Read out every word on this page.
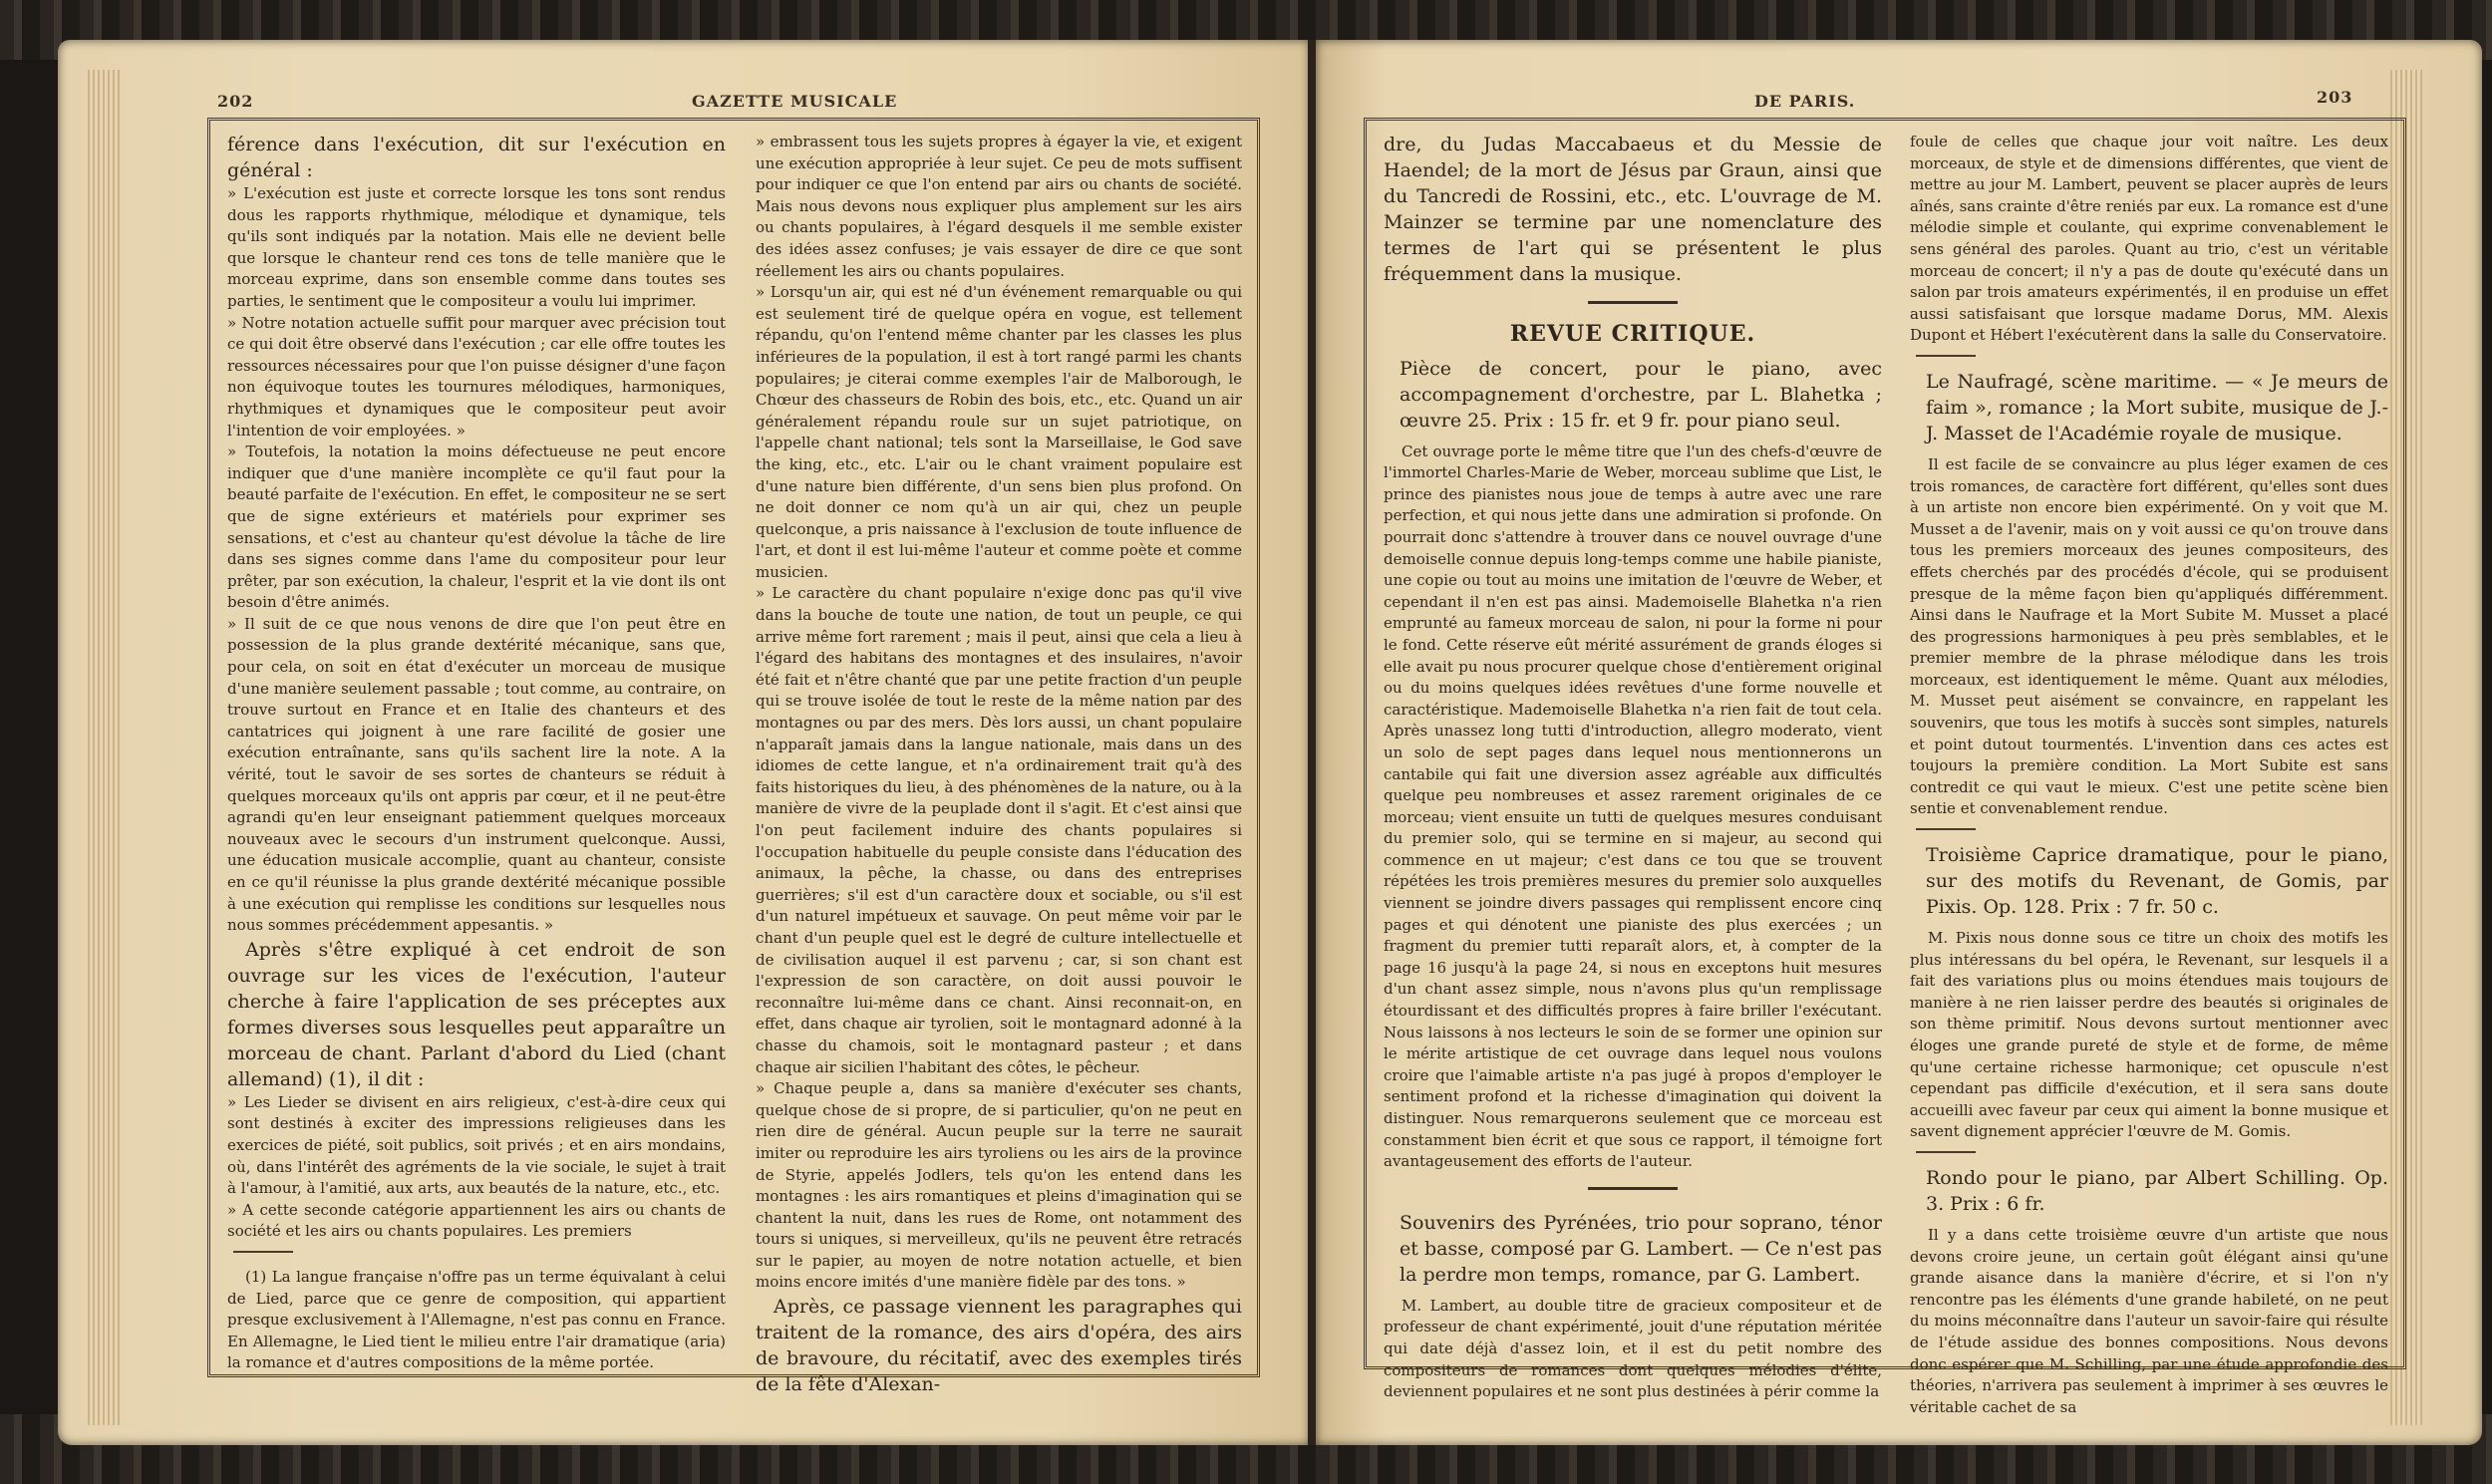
202	GAZETTE MUSICALE

férence dans l'exécution, dit sur l'exécution en général :

» L'exécution est juste et correcte lorsque les tons sont rendus dous les rapports rhythmique, mélodique et dynamique, tels qu'ils sont indiqués par la notation. Mais elle ne devient belle que lorsque le chanteur rend ces tons de telle manière que le morceau exprime, dans son ensemble comme dans toutes ses parties, le sentiment que le compositeur a voulu lui imprimer.

» Notre notation actuelle suffit pour marquer avec précision tout ce qui doit être observé dans l'exécution ; car elle offre toutes les ressources nécessaires pour que l'on puisse désigner d'une façon non équivoque toutes les tournures mélodiques, harmoniques, rhythmiques et dynamiques que le compositeur peut avoir l'intention de voir employées. »

» Toutefois, la notation la moins défectueuse ne peut encore indiquer que d'une manière incomplète ce qu'il faut pour la beauté parfaite de l'exécution. En effet, le compositeur ne se sert que de signe extérieurs et matériels pour exprimer ses sensations, et c'est au chanteur qu'est dévolue la tâche de lire dans ses signes comme dans l'ame du compositeur pour leur prêter, par son exécution, la chaleur, l'esprit et la vie dont ils ont besoin d'être animés.

» Il suit de ce que nous venons de dire que l'on peut être en possession de la plus grande dextérité mécanique, sans que, pour cela, on soit en état d'exécuter un morceau de musique d'une manière seulement passable ; tout comme, au contraire, on trouve surtout en France et en Italie des chanteurs et des cantatrices qui joignent à une rare facilité de gosier une exécution entraînante, sans qu'ils sachent lire la note. A la vérité, tout le savoir de ses sortes de chanteurs se réduit à quelques morceaux qu'ils ont appris par cœur, et il ne peut-être agrandi qu'en leur enseignant patiemment quelques morceaux nouveaux avec le secours d'un instrument quelconque. Aussi, une éducation musicale accomplie, quant au chanteur, consiste en ce qu'il réunisse la plus grande dextérité mécanique possible à une exécution qui remplisse les conditions sur lesquelles nous nous sommes précédemment appesantis. »

Après s'être expliqué à cet endroit de son ouvrage sur les vices de l'exécution, l'auteur cherche à faire l'application de ses préceptes aux formes diverses sous lesquelles peut apparaître un morceau de chant. Parlant d'abord du Lied (chant allemand) (1), il dit :

» Les Lieder se divisent en airs religieux, c'est-à-dire ceux qui sont destinés à exciter des impressions religieuses dans les exercices de piété, soit publics, soit privés ; et en airs mondains, où, dans l'intérêt des agréments de la vie sociale, le sujet à trait à l'amour, à l'amitié, aux arts, aux beautés de la nature, etc., etc.

» A cette seconde catégorie appartiennent les airs ou chants de société et les airs ou chants populaires. Les premiers

(1) La langue française n'offre pas un terme équivalant à celui de Lied, parce que ce genre de composition, qui appartient presque exclusivement à l'Allemagne, n'est pas connu en France. En Allemagne, le Lied tient le milieu entre l'air dramatique (aria) la romance et d'autres compositions de la même portée.

» embrassent tous les sujets propres à égayer la vie, et exigent une exécution appropriée à leur sujet. Ce peu de mots suffisent pour indiquer ce que l'on entend par airs ou chants de société. Mais nous devons nous expliquer plus amplement sur les airs ou chants populaires, à l'égard desquels il me semble exister des idées assez confuses; je vais essayer de dire ce que sont réellement les airs ou chants populaires.

» Lorsqu'un air, qui est né d'un événement remarquable ou qui est seulement tiré de quelque opéra en vogue, est tellement répandu, qu'on l'entend même chanter par les classes les plus inférieures de la population, il est à tort rangé parmi les chants populaires; je citerai comme exemples l'air de Malborough, le Chœur des chasseurs de Robin des bois, etc., etc. Quand un air généralement répandu roule sur un sujet patriotique, on l'appelle chant national; tels sont la Marseillaise, le God save the king, etc., etc. L'air ou le chant vraiment populaire est d'une nature bien différente, d'un sens bien plus profond. On ne doit donner ce nom qu'à un air qui, chez un peuple quelconque, a pris naissance à l'exclusion de toute influence de l'art, et dont il est lui-même l'auteur et comme poète et comme musicien.

» Le caractère du chant populaire n'exige donc pas qu'il vive dans la bouche de toute une nation, de tout un peuple, ce qui arrive même fort rarement ; mais il peut, ainsi que cela a lieu à l'égard des habitans des montagnes et des insulaires, n'avoir été fait et n'être chanté que par une petite fraction d'un peuple qui se trouve isolée de tout le reste de la même nation par des montagnes ou par des mers. Dès lors aussi, un chant populaire n'apparaît jamais dans la langue nationale, mais dans un des idiomes de cette langue, et n'a ordinairement trait qu'à des faits historiques du lieu, à des phénomènes de la nature, ou à la manière de vivre de la peuplade dont il s'agit. Et c'est ainsi que l'on peut facilement induire des chants populaires si l'occupation habituelle du peuple consiste dans l'éducation des animaux, la pêche, la chasse, ou dans des entreprises guerrières; s'il est d'un caractère doux et sociable, ou s'il est d'un naturel impétueux et sauvage. On peut même voir par le chant d'un peuple quel est le degré de culture intellectuelle et de civilisation auquel il est parvenu ; car, si son chant est l'expression de son caractère, on doit aussi pouvoir le reconnaître lui-même dans ce chant. Ainsi reconnait-on, en effet, dans chaque air tyrolien, soit le montagnard adonné à la chasse du chamois, soit le montagnard pasteur ; et dans chaque air sicilien l'habitant des côtes, le pêcheur.

» Chaque peuple a, dans sa manière d'exécuter ses chants, quelque chose de si propre, de si particulier, qu'on ne peut en rien dire de général. Aucun peuple sur la terre ne saurait imiter ou reproduire les airs tyroliens ou les airs de la province de Styrie, appelés Jodlers, tels qu'on les entend dans les montagnes : les airs romantiques et pleins d'imagination qui se chantent la nuit, dans les rues de Rome, ont notamment des tours si uniques, si merveilleux, qu'ils ne peuvent être retracés sur le papier, au moyen de notre notation actuelle, et bien moins encore imités d'une manière fidèle par des tons. »

Après, ce passage viennent les paragraphes qui traitent de la romance, des airs d'opéra, des airs de bravoure, du récitatif, avec des exemples tirés de la fête d'Alexan-

DE PARIS.	203

dre, du Judas Maccabaeus et du Messie de Haendel; de la mort de Jésus par Graun, ainsi que du Tancredi de Rossini, etc., etc. L'ouvrage de M. Mainzer se termine par une nomenclature des termes de l'art qui se présentent le plus fréquemment dans la musique.

REVUE CRITIQUE.

Pièce de concert, pour le piano, avec accompagnement d'orchestre, par L. Blahetka ; œuvre 25. Prix : 15 fr. et 9 fr. pour piano seul.

Cet ouvrage porte le même titre que l'un des chefs-d'œuvre de l'immortel Charles-Marie de Weber, morceau sublime que List, le prince des pianistes nous joue de temps à autre avec une rare perfection, et qui nous jette dans une admiration si profonde. On pourrait donc s'attendre à trouver dans ce nouvel ouvrage d'une demoiselle connue depuis long-temps comme une habile pianiste, une copie ou tout au moins une imitation de l'œuvre de Weber, et cependant il n'en est pas ainsi. Mademoiselle Blahetka n'a rien emprunté au fameux morceau de salon, ni pour la forme ni pour le fond. Cette réserve eût mérité assurément de grands éloges si elle avait pu nous procurer quelque chose d'entièrement original ou du moins quelques idées revêtues d'une forme nouvelle et caractéristique. Mademoiselle Blahetka n'a rien fait de tout cela. Après unassez long tutti d'introduction, allegro moderato, vient un solo de sept pages dans lequel nous mentionnerons un cantabile qui fait une diversion assez agréable aux difficultés quelque peu nombreuses et assez rarement originales de ce morceau; vient ensuite un tutti de quelques mesures conduisant du premier solo, qui se termine en si majeur, au second qui commence en ut majeur; c'est dans ce tou que se trouvent répétées les trois premières mesures du premier solo auxquelles viennent se joindre divers passages qui remplissent encore cinq pages et qui dénotent une pianiste des plus exercées ; un fragment du premier tutti reparaît alors, et, à compter de la page 16 jusqu'à la page 24, si nous en exceptons huit mesures d'un chant assez simple, nous n'avons plus qu'un remplissage étourdissant et des difficultés propres à faire briller l'exécutant. Nous laissons à nos lecteurs le soin de se former une opinion sur le mérite artistique de cet ouvrage dans lequel nous voulons croire que l'aimable artiste n'a pas jugé à propos d'employer le sentiment profond et la richesse d'imagination qui doivent la distinguer. Nous remarquerons seulement que ce morceau est constamment bien écrit et que sous ce rapport, il témoigne fort avantageusement des efforts de l'auteur.

Souvenirs des Pyrénées, trio pour soprano, ténor et basse, composé par G. Lambert. — Ce n'est pas la perdre mon temps, romance, par G. Lambert.

M. Lambert, au double titre de gracieux compositeur et de professeur de chant expérimenté, jouit d'une réputation méritée qui date déjà d'assez loin, et il est du petit nombre des compositeurs de romances dont quelques mélodies d'élite, deviennent populaires et ne sont plus destinées à périr comme la

foule de celles que chaque jour voit naître. Les deux morceaux, de style et de dimensions différentes, que vient de mettre au jour M. Lambert, peuvent se placer auprès de leurs aînés, sans crainte d'être reniés par eux. La romance est d'une mélodie simple et coulante, qui exprime convenablement le sens général des paroles. Quant au trio, c'est un véritable morceau de concert; il n'y a pas de doute qu'exécuté dans un salon par trois amateurs expérimentés, il en produise un effet aussi satisfaisant que lorsque madame Dorus, MM. Alexis Dupont et Hébert l'exécutèrent dans la salle du Conservatoire.

Le Naufragé, scène maritime. — « Je meurs de faim », romance ; la Mort subite, musique de J.-J. Masset de l'Académie royale de musique.

Il est facile de se convaincre au plus léger examen de ces trois romances, de caractère fort différent, qu'elles sont dues à un artiste non encore bien expérimenté. On y voit que M. Musset a de l'avenir, mais on y voit aussi ce qu'on trouve dans tous les premiers morceaux des jeunes compositeurs, des effets cherchés par des procédés d'école, qui se produisent presque de la même façon bien qu'appliqués différemment. Ainsi dans le Naufrage et la Mort Subite M. Musset a placé des progressions harmoniques à peu près semblables, et le premier membre de la phrase mélodique dans les trois morceaux, est identiquement le même. Quant aux mélodies, M. Musset peut aisément se convaincre, en rappelant les souvenirs, que tous les motifs à succès sont simples, naturels et point dutout tourmentés. L'invention dans ces actes est toujours la première condition. La Mort Subite est sans contredit ce qui vaut le mieux. C'est une petite scène bien sentie et convenablement rendue.

Troisième Caprice dramatique, pour le piano, sur des motifs du Revenant, de Gomis, par Pixis. Op. 128. Prix : 7 fr. 50 c.

M. Pixis nous donne sous ce titre un choix des motifs les plus intéressans du bel opéra, le Revenant, sur lesquels il a fait des variations plus ou moins étendues mais toujours de manière à ne rien laisser perdre des beautés si originales de son thème primitif. Nous devons surtout mentionner avec éloges une grande pureté de style et de forme, de même qu'une certaine richesse harmonique; cet opuscule n'est cependant pas difficile d'exécution, et il sera sans doute accueilli avec faveur par ceux qui aiment la bonne musique et savent dignement apprécier l'œuvre de M. Gomis.

Rondo pour le piano, par Albert Schilling. Op. 3. Prix : 6 fr.

Il y a dans cette troisième œuvre d'un artiste que nous devons croire jeune, un certain goût élégant ainsi qu'une grande aisance dans la manière d'écrire, et si l'on n'y rencontre pas les éléments d'une grande habileté, on ne peut du moins méconnaître dans l'auteur un savoir-faire qui résulte de l'étude assidue des bonnes compositions. Nous devons donc espérer que M. Schilling, par une étude approfondie des théories, n'arrivera pas seulement à imprimer à ses œuvres le véritable cachet de sa
